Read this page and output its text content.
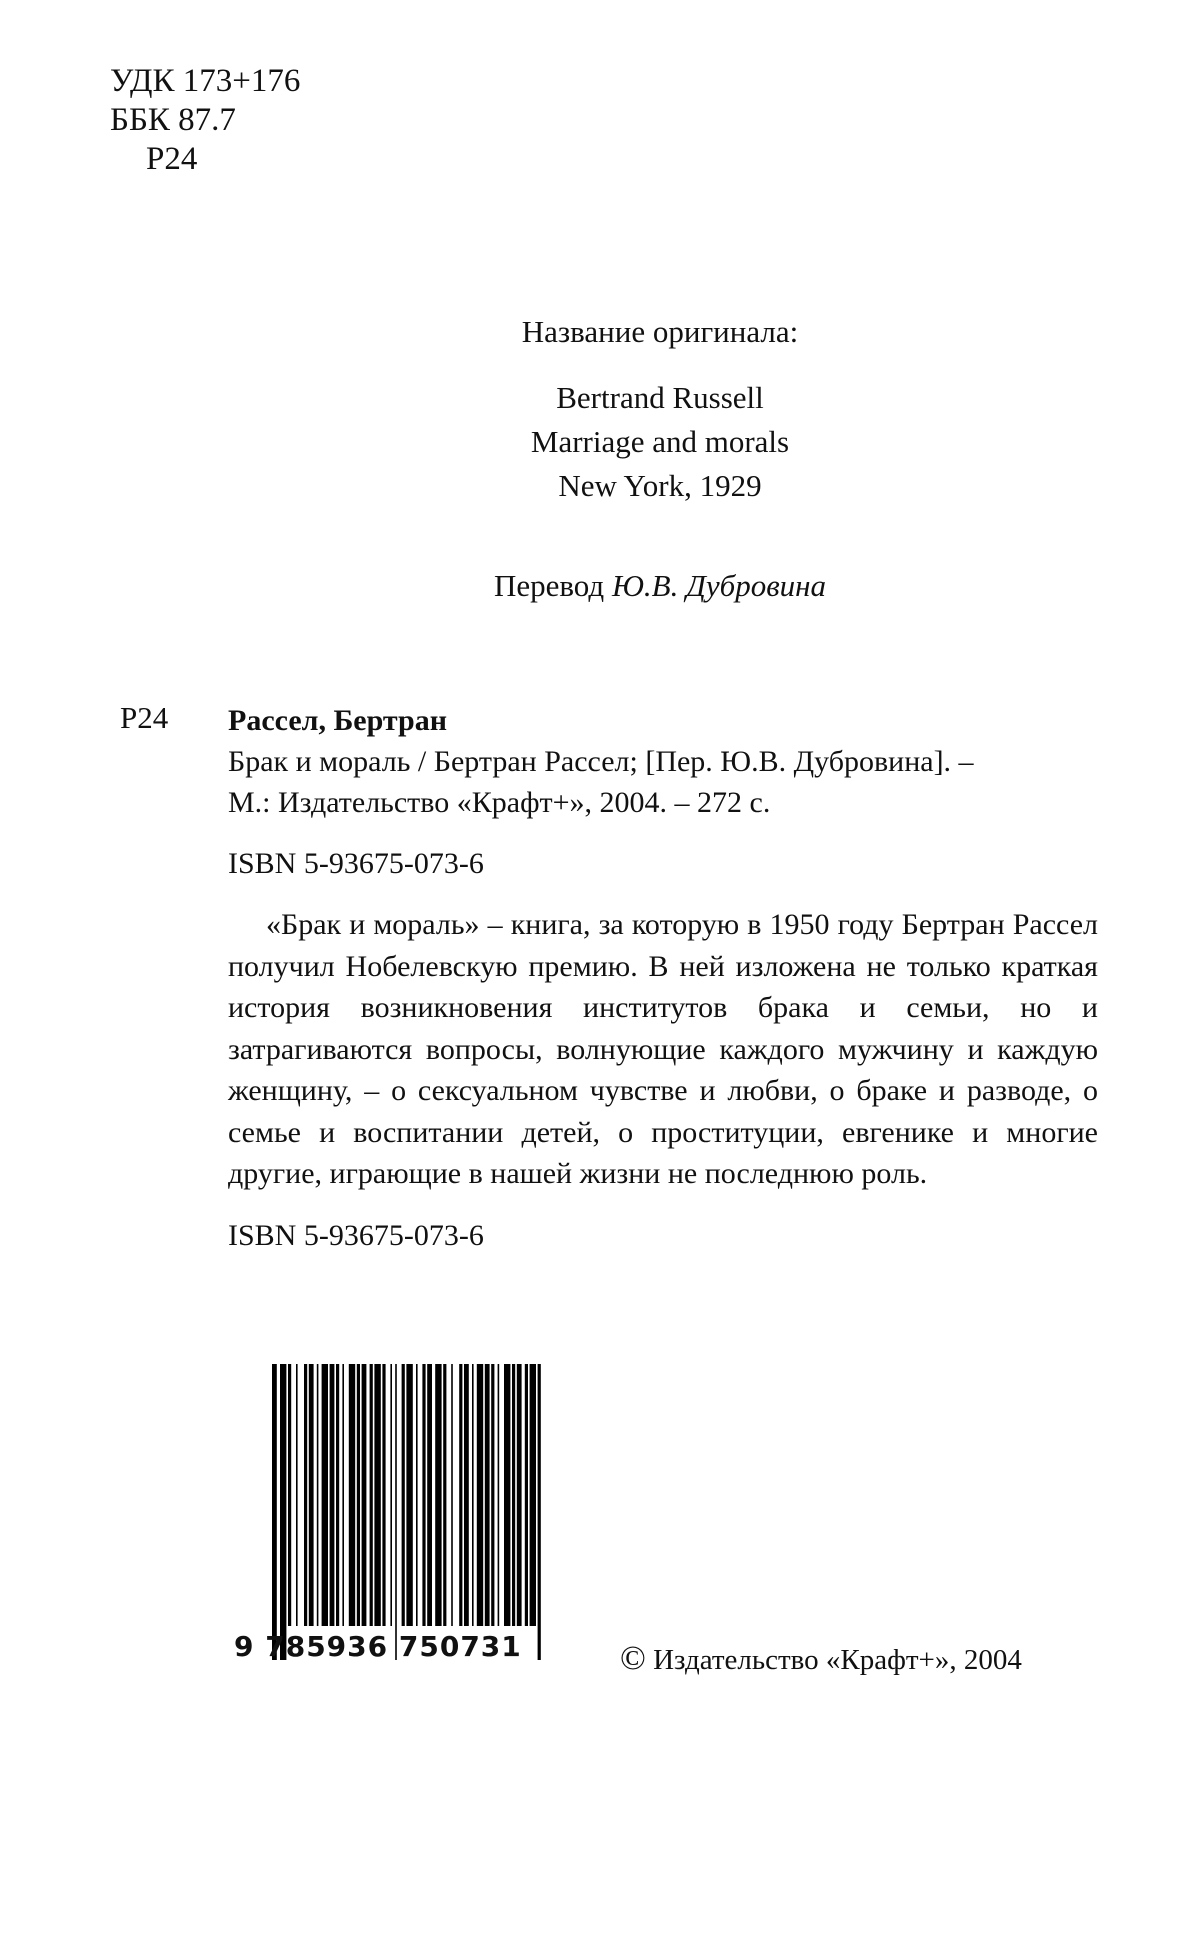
УДК 173+176
ББК 87.7
Р24
Название оригинала:
Bertrand Russell
Marriage and morals
New York, 1929
Перевод Ю.В. Дубровина
Р24 Рассел, Бертран

Брак и мораль / Бертран Рассел; [Пер. Ю.В. Дубровина]. –

М.: Издательство «Крафт+», 2004. – 272 с.

ISBN 5-93675-073-6

«Брак и мораль» – книга, за которую в 1950 году Бертран Рассел получил Нобелевскую премию. В ней изложена не только краткая история возникновения институтов брака и семьи, но и затрагиваются вопросы, волнующие каждого мужчину и каждую женщину, – о сексуальном чувстве и любви, о браке и разводе, о семье и воспитании детей, о проституции, евгенике и многие другие, играющие в нашей жизни не последнюю роль.

ISBN 5-93675-073-6

9 785936 750731	© Издательство «Крафт+», 2004
